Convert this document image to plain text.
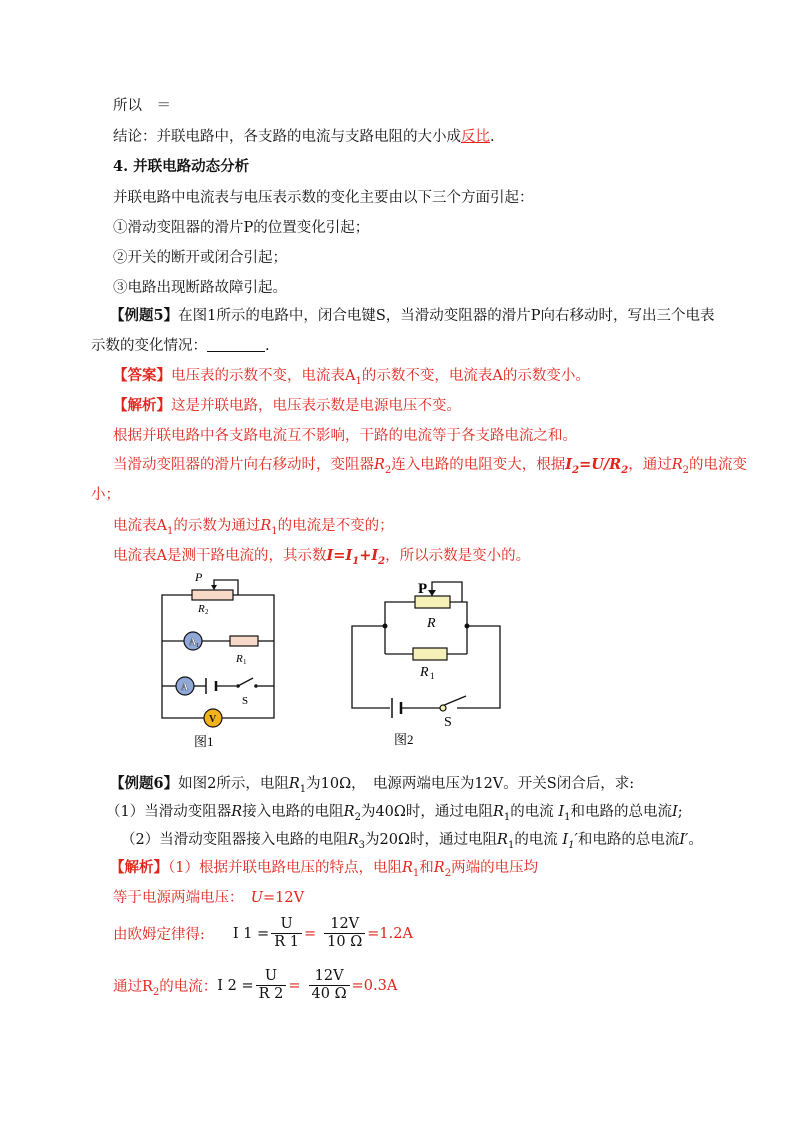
所以　＝
结论：并联电路中，各支路的电流与支路电阻的大小成反比.
4. 并联电路动态分析
并联电路中电流表与电压表示数的变化主要由以下三个方面引起：
①滑动变阻器的滑片P的位置变化引起；
②开关的断开或闭合引起；
③电路出现断路故障引起。
【例题5】在图1所示的电路中，闭合电键S，当滑动变阻器的滑片P向右移动时，写出三个电表
示数的变化情况：	.
【答案】电压表的示数不变，电流表$A_1$的示数不变，电流表A的示数变小。
【解析】这是并联电路，电压表示数是电源电压不变。
根据并联电路中各支路电流互不影响，干路的电流等于各支路电流之和。
当滑动变阻器的滑片向右移动时，变阻器$R_2$连入电路的电阻变大，根据$I_2=U/R_2$，通过$R_2$的电流变
小；
电流表$A_1$的示数为通过$R_1$的电流是不变的；
电流表A是测干路电流的，其示数$I=I_1+I_2$，所以示数是变小的。
P
R 2
R 1
A 1
A
S
V
图1
P
R
R 1
S
图2
【例题6】如图2所示，电阻$R_1$为10Ω，　电源两端电压为12V。开关S闭合后，求:
（1）当滑动变阻器R接入电路的电阻$R_2$为40Ω时，通过电阻$R_1$的电流 $I_1$和电路的总电流I;
（2）当滑动变阻器接入电路的电阻$R_3$为20Ω时，通过电阻$R_1$的电流 $I_1'$和电路的总电流I′。
【解析】（1）根据并联电路电压的特点，电阻$R_1$和$R_2$两端的电压均
等于电源两端电压：　U=12V
由欧姆定律得: I $1 = \frac{U}{R 1} = \frac{12V}{10 \Omega} =1.2A$
通过$R_2$的电流： I $2 = \frac{U}{R 2} = \frac{12V}{40 \Omega} =0.3A$
